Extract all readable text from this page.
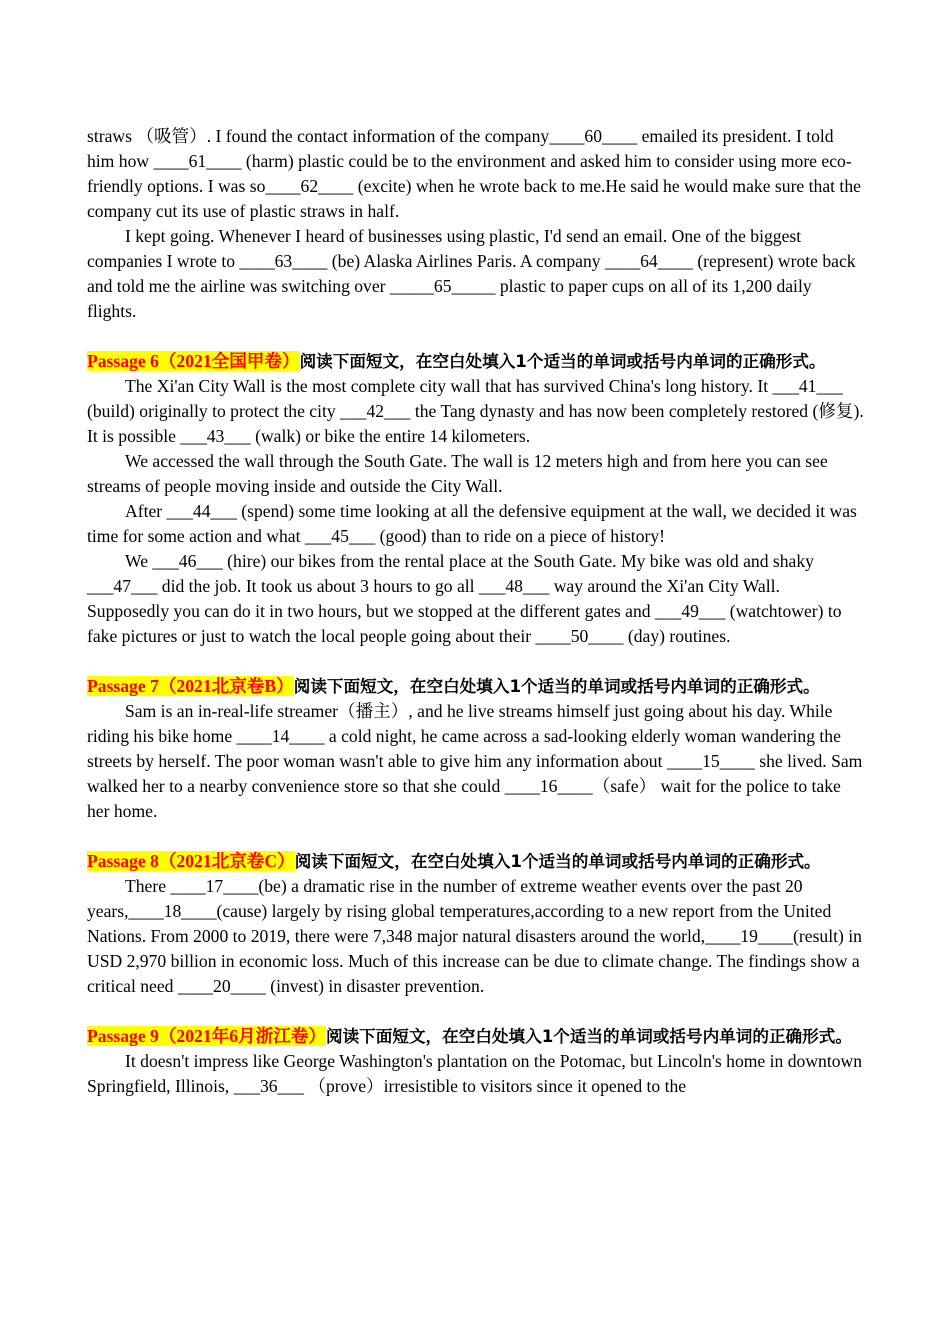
straws （吸管）. I found the contact information of the company____60____ emailed its president. I told him how ____61____ (harm) plastic could be to the environment and asked him to consider using more eco-friendly options. I was so____62____ (excite) when he wrote back to me.He said he would make sure that the company cut its use of plastic straws in half.

I kept going. Whenever I heard of businesses using plastic, I'd send an email. One of the biggest companies I wrote to ____63____ (be) Alaska Airlines Paris. A company ____64____ (represent) wrote back and told me the airline was switching over _____65_____ plastic to paper cups on all of its 1,200 daily flights.

Passage 6（2021全国甲卷）阅读下面短文，在空白处填入1个适当的单词或括号内单词的正确形式。

The Xi'an City Wall is the most complete city wall that has survived China's long history. It ___41___ (build) originally to protect the city ___42___ the Tang dynasty and has now been completely restored (修复). It is possible ___43___ (walk) or bike the entire 14 kilometers.

We accessed the wall through the South Gate. The wall is 12 meters high and from here you can see streams of people moving inside and outside the City Wall.

After ___44___ (spend) some time looking at all the defensive equipment at the wall, we decided it was time for some action and what ___45___ (good) than to ride on a piece of history!

We ___46___ (hire) our bikes from the rental place at the South Gate. My bike was old and shaky ___47___ did the job. It took us about 3 hours to go all ___48___ way around the Xi'an City Wall. Supposedly you can do it in two hours, but we stopped at the different gates and ___49___ (watchtower) to fake pictures or just to watch the local people going about their ____50____ (day) routines.

Passage 7（2021北京卷B）阅读下面短文，在空白处填入1个适当的单词或括号内单词的正确形式。

Sam is an in-real-life streamer（播主）, and he live streams himself just going about his day. While riding his bike home ____14____ a cold night, he came across a sad-looking elderly woman wandering the streets by herself. The poor woman wasn't able to give him any information about ____15____ she lived. Sam walked her to a nearby convenience store so that she could ____16____（safe） wait for the police to take her home.

Passage 8（2021北京卷C）阅读下面短文，在空白处填入1个适当的单词或括号内单词的正确形式。

There ____17____(be) a dramatic rise in the number of extreme weather events over the past 20 years,____18____(cause) largely by rising global temperatures,according to a new report from the United Nations. From 2000 to 2019, there were 7,348 major natural disasters around the world,____19____(result) in USD 2,970 billion in economic loss. Much of this increase can be due to climate change. The findings show a critical need ____20____ (invest) in disaster prevention.

Passage 9（2021年6月浙江卷）阅读下面短文，在空白处填入1个适当的单词或括号内单词的正确形式。

It doesn't impress like George Washington's plantation on the Potomac, but Lincoln's home in downtown Springfield, Illinois, ___36___ （prove）irresistible to visitors since it opened to the
